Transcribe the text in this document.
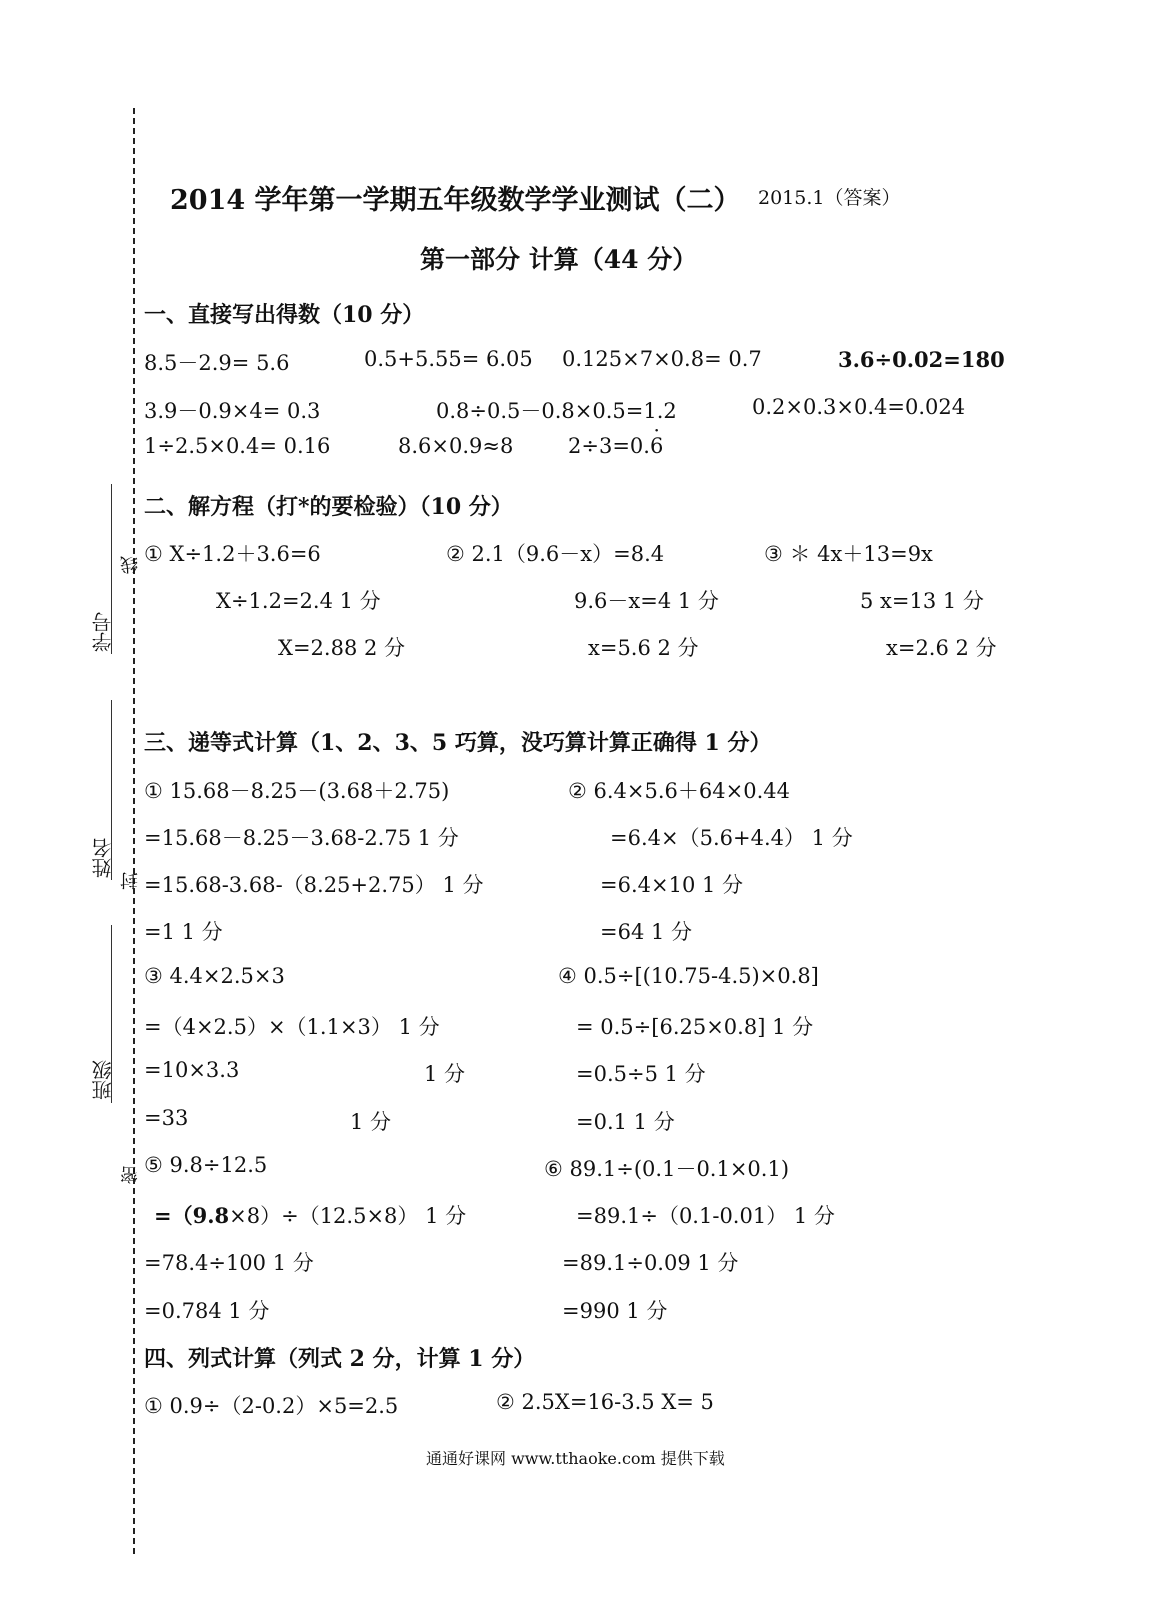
学号
线
姓名
封
班级
密
2014 学年第一学期五年级数学学业测试（二） 2015.1（答案）
第一部分 计算（44 分）
一、直接写出得数（10 分）
8.5－2.9= 5.6	0.5+5.55= 6.05 0.125×7×0.8= 0.7	3.6÷0.02=180
3.9－0.9×4= 0.3	0.8÷0.5－0.8×0.5=1.2	0.2×0.3×0.4=0.024
1÷2.5×0.4= 0.16	8.6×0.9≈8	2÷3=0.6 ·
二、解方程（打*的要检验）（10 分）
① X÷1.2＋3.6=6	② 2.1（9.6－x）=8.4	③ ＊ 4x＋13=9x
X÷1.2=2.4 1 分	9.6－x=4 1 分	5 x=13 1 分
X=2.88 2 分	x=5.6 2 分	x=2.6 2 分
三、递等式计算（1、2、3、5 巧算，没巧算计算正确得 1 分）
① 15.68－8.25－(3.68＋2.75)	② 6.4×5.6＋64×0.44
=15.68－8.25－3.68-2.75 1 分	=6.4×（5.6+4.4） 1 分
=15.68-3.68-（8.25+2.75） 1 分	=6.4×10 1 分
=1 1 分	=64 1 分
③ 4.4×2.5×3	④ 0.5÷[(10.75-4.5)×0.8]
=（4×2.5）×（1.1×3） 1 分	= 0.5÷[6.25×0.8] 1 分
=10×3.3	1 分	=0.5÷5 1 分
=33	1 分	=0.1 1 分
⑤ 9.8÷12.5	⑥ 89.1÷(0.1－0.1×0.1)
=（9.8×8）÷（12.5×8） 1 分	=89.1÷（0.1-0.01） 1 分
=78.4÷100 1 分	=89.1÷0.09 1 分
=0.784 1 分	=990 1 分
四、列式计算（列式 2 分，计算 1 分）
① 0.9÷（2-0.2）×5=2.5	② 2.5X=16-3.5 X= 5
通通好课网 www.tthaoke.com 提供下载
